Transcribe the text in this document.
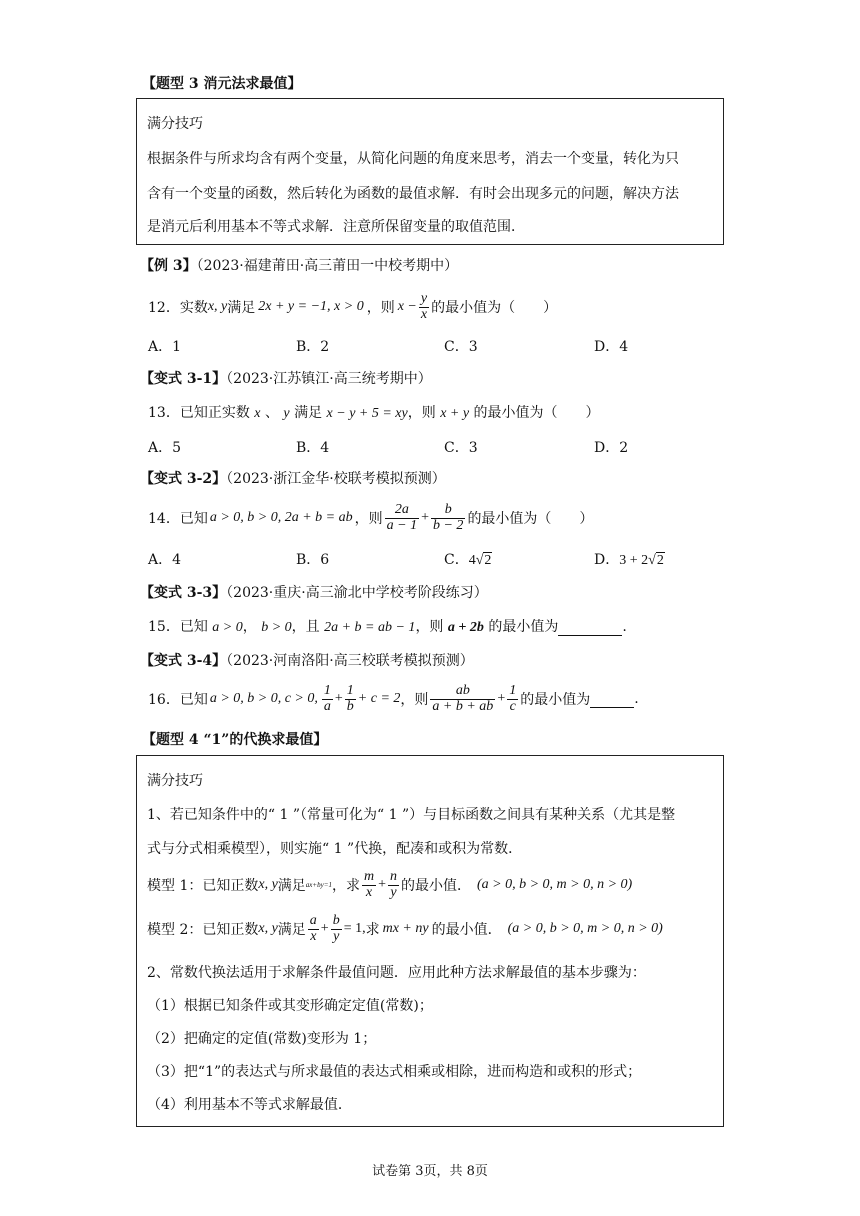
【题型 3 消元法求最值】
满分技巧
根据条件与所求均含有两个变量，从简化问题的角度来思考，消去一个变量，转化为只
含有一个变量的函数，然后转化为函数的最值求解．有时会出现多元的问题，解决方法
是消元后利用基本不等式求解．注意所保留变量的取值范围．
【例 3】（2023·福建莆田·高三莆田一中校考期中）
12． 实数 x, y 满足 2x + y = −1, x > 0 ，则 $x - \frac{y}{x}$ 的最小值为（　　）
A．1	B．2	C．3	D．4
【变式 3-1】（2023·江苏镇江·高三统考期中）
13．已知正实数 x 、 y 满足 x − y + 5 = xy，则 x + y 的最小值为（　　）
A．5	B．4	C．3	D．2
【变式 3-2】（2023·浙江金华·校联考模拟预测）
14． 已知 a > 0, b > 0, 2a + b = ab ，则 $\frac{2a}{a - 1} + \frac{b}{b - 2}$ 的最小值为（　　）
A．4	B．6	C．4√2	D．3 + 2√2
【变式 3-3】（2023·重庆·高三渝北中学校考阶段练习）
15．已知 a > 0， b > 0，且 2a + b = ab − 1，则 a + 2b 的最小值为	.
【变式 3-4】（2023·河南洛阳·高三校联考模拟预测）
16． 已知 a > 0, b > 0, c > 0, $\frac{1}{a} + \frac{1}{b} + c = 2$ ，则 $\frac{ab}{a + b + ab} + \frac{1}{c}$ 的最小值为
	.
【题型 4 “1”的代换求最值】
满分技巧
1、若已知条件中的“ 1 ”（常量可化为“ 1 ”）与目标函数之间具有某种关系（尤其是整
式与分式相乘模型），则实施“ 1 ”代换，配凑和或积为常数．
模型 1：已知正数 x, y 满足 ax+by=1 ，求 $\frac{m}{x} + \frac{n}{y}$ 的最小值． (a > 0, b > 0, m > 0, n > 0)
模型 2：已知正数 x, y 满足 $\frac{a}{x} + \frac{b}{y} = 1$, 求 mx + ny 的最小值． (a > 0, b > 0, m > 0, n > 0)
2、常数代换法适用于求解条件最值问题．应用此种方法求解最值的基本步骤为：
（1）根据已知条件或其变形确定定值(常数)；
（2）把确定的定值(常数)变形为 1；
（3）把“1”的表达式与所求最值的表达式相乘或相除，进而构造和或积的形式；
（4）利用基本不等式求解最值．
试卷第 3页，共 8页
